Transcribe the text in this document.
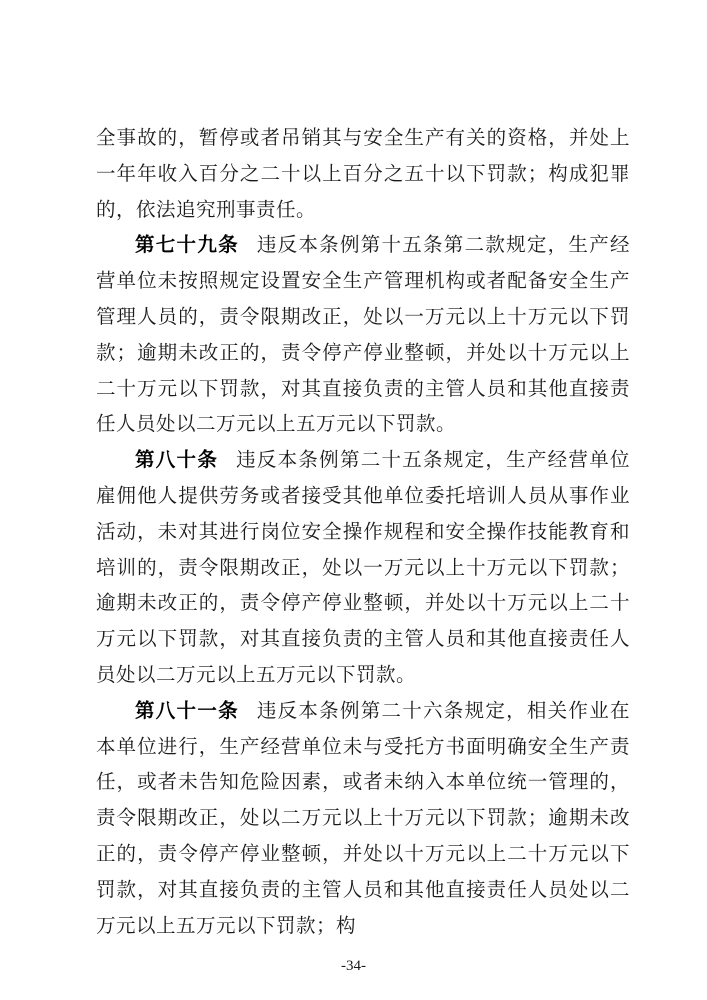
全事故的，暂停或者吊销其与安全生产有关的资格，并处上一年年收入百分之二十以上百分之五十以下罚款；构成犯罪的，依法追究刑事责任。

第七十九条 违反本条例第十五条第二款规定，生产经营单位未按照规定设置安全生产管理机构或者配备安全生产管理人员的，责令限期改正，处以一万元以上十万元以下罚款；逾期未改正的，责令停产停业整顿，并处以十万元以上二十万元以下罚款，对其直接负责的主管人员和其他直接责任人员处以二万元以上五万元以下罚款。

第八十条 违反本条例第二十五条规定，生产经营单位雇佣他人提供劳务或者接受其他单位委托培训人员从事作业活动，未对其进行岗位安全操作规程和安全操作技能教育和培训的，责令限期改正，处以一万元以上十万元以下罚款；逾期未改正的，责令停产停业整顿，并处以十万元以上二十万元以下罚款，对其直接负责的主管人员和其他直接责任人员处以二万元以上五万元以下罚款。

第八十一条 违反本条例第二十六条规定，相关作业在本单位进行，生产经营单位未与受托方书面明确安全生产责任，或者未告知危险因素，或者未纳入本单位统一管理的，责令限期改正，处以二万元以上十万元以下罚款；逾期未改正的，责令停产停业整顿，并处以十万元以上二十万元以下罚款，对其直接负责的主管人员和其他直接责任人员处以二万元以上五万元以下罚款；构

-34-
